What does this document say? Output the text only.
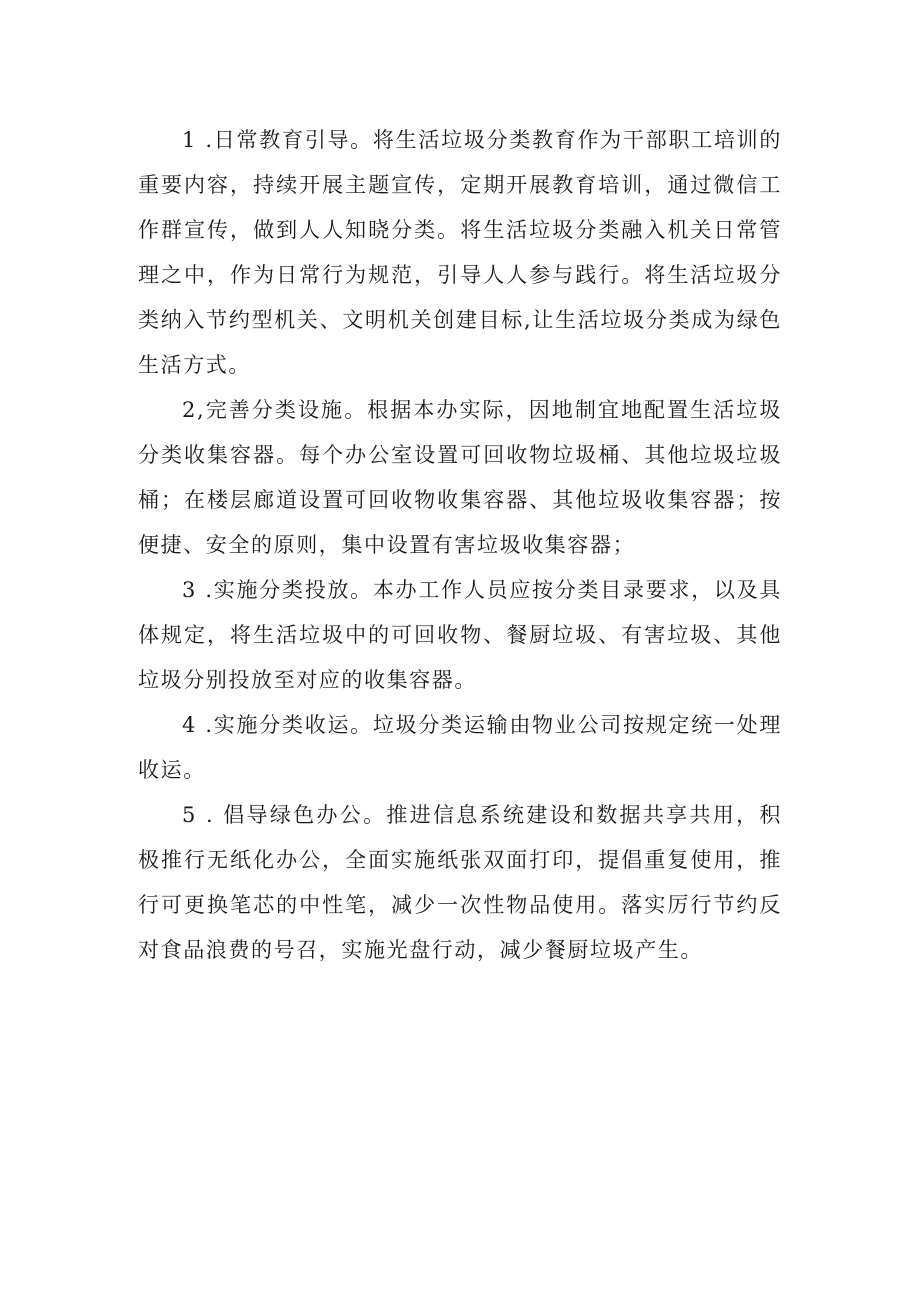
1 .日常教育引导。将生活垃圾分类教育作为干部职工培训的重要内容，持续开展主题宣传，定期开展教育培训，通过微信工作群宣传，做到人人知晓分类。将生活垃圾分类融入机关日常管理之中，作为日常行为规范，引导人人参与践行。将生活垃圾分类纳入节约型机关、文明机关创建目标,让生活垃圾分类成为绿色生活方式。

2,完善分类设施。根据本办实际，因地制宜地配置生活垃圾分类收集容器。每个办公室设置可回收物垃圾桶、其他垃圾垃圾桶；在楼层廊道设置可回收物收集容器、其他垃圾收集容器；按便捷、安全的原则，集中设置有害垃圾收集容器；

3 .实施分类投放。本办工作人员应按分类目录要求，以及具体规定，将生活垃圾中的可回收物、餐厨垃圾、有害垃圾、其他垃圾分别投放至对应的收集容器。

4 .实施分类收运。垃圾分类运输由物业公司按规定统一处理收运。

5 . 倡导绿色办公。推进信息系统建设和数据共享共用，积极推行无纸化办公，全面实施纸张双面打印，提倡重复使用，推行可更换笔芯的中性笔，减少一次性物品使用。落实厉行节约反对食品浪费的号召，实施光盘行动，减少餐厨垃圾产生。
